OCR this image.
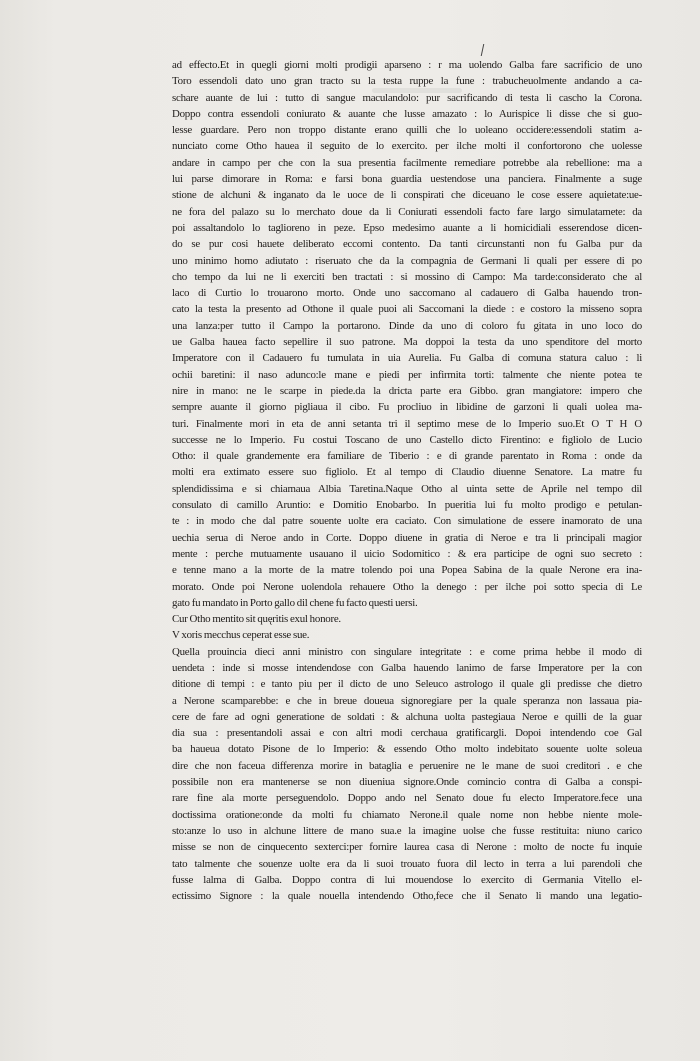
ad effecto.Et in quegli giorni molti prodigii aparseno : r ma uolendo Galba fare sacrificio de uno
Toro essendoli dato uno gran tracto su la testa ruppe la fune : trabucheuolmente andando a ca-
schare auante de lui : tutto di sangue maculandolo: pur sacrificando di testa li cascho la Corona.
Doppo contra essendoli coniurato & auante che lusse amazato : lo Aurispice li disse che si guo-
lesse guardare. Pero non troppo distante erano quilli che lo uoleano occidere:essendoli statim a-
nunciato come Otho hauea il seguito de lo exercito. per ilche molti il confortorono che uolesse
andare in campo per che con la sua presentia facilmente remediare potrebbe ala rebellione: ma a
lui parse dimorare in Roma: e farsi bona guardia uestendose una panciera. Finalmente a suge
stione de alchuni & inganato da le uoce de li conspirati che diceuano le cose essere aquietate:ue-
ne fora del palazo su lo merchato doue da li Coniurati essendoli facto fare largo simulatamete: da
poi assaltandolo lo taglioreno in peze. Epso medesimo auante a li homicidiali esserendose dicen-
do se pur cosi hauete deliberato eccomi contento. Da tanti circunstanti non fu Galba pur da
uno minimo homo adiutato : riseruato che da la compagnia de Germani li quali per essere di po
cho tempo da lui ne li exerciti ben tractati : si mossino di Campo: Ma tarde:considerato che al
laco di Curtio lo trouarono morto. Onde uno saccomano al cadauero di Galba hauendo tron-
cato la testa la presento ad Othone il quale puoi ali Saccomani la diede : e costoro la misseno sopra
una lanza:per tutto il Campo la portarono. Dinde da uno di coloro fu gitata in uno loco do
ue Galba hauea facto sepellire il suo patrone. Ma doppoi la testa da uno spenditore del morto
Imperatore con il Cadauero fu tumulata in uia Aurelia. Fu Galba di comuna statura caluo : li
ochii baretini: il naso adunco:le mane e piedi per infirmita torti: talmente che niente potea te
nire in mano: ne le scarpe in piede.da la dricta parte era Gibbo. gran mangiatore: impero che
sempre auante il giorno pigliaua il cibo. Fu procliuo in libidine de garzoni li quali uolea ma-
turi. Finalmente mori in eta de anni setanta tri il septimo mese de lo Imperio suo.Et O T H O
successe ne lo Imperio. Fu costui Toscano de uno Castello dicto Firentino: e figliolo de Lucio
Otho: il quale grandemente era familiare de Tiberio : e di grande parentato in Roma : onde da
molti era extimato essere suo figliolo. Et al tempo di Claudio diuenne Senatore. La matre fu
splendidissima e si chiamaua Albia Taretina.Naque Otho al uinta sette de Aprile nel tempo dil
consulato di camillo Aruntio: e Domitio Enobarbo. In pueritia lui fu molto prodigo e petulan-
te : in modo che dal patre souente uolte era caciato. Con simulatione de essere inamorato de una
uechia serua di Neroe ando in Corte. Doppo diuene in gratia di Neroe e tra li principali magior
mente : perche mutuamente usauano il uicio Sodomitico : & era participe de ogni suo secreto :
e tenne mano a la morte de la matre tolendo poi una Popea Sabina de la quale Nerone era ina-
morato. Onde poi Nerone uolendola rehauere Otho la denego : per ilche poi sotto specia di Le
gato fu mandato in Porto gallo dil chene fu facto questi uersi.
Cur Otho mentito sit quęritis exul honore.
V xoris mecchus ceperat esse sue.
Quella prouincia dieci anni ministro con singulare integritate : e come prima hebbe il modo di
uendeta : inde si mosse intendendose con Galba hauendo lanimo de farse Imperatore per la con
ditione di tempi : e tanto piu per il dicto de uno Seleuco astrologo il quale gli predisse che dietro
a Nerone scamparebbe: e che in breue doueua signoregiare per la quale speranza non lassaua pia-
cere de fare ad ogni generatione de soldati : & alchuna uolta pastegiaua Neroe e quilli de la guar
dia sua : presentandoli assai e con altri modi cerchaua gratificargli. Dopoi intendendo coe Gal
ba haueua dotato Pisone de lo Imperio: & essendo Otho molto indebitato souente uolte soleua
dire che non faceua differenza morire in bataglia e peruenire ne le mane de suoi creditori . e che
possibile non era mantenerse se non diueniua signore.Onde comincio contra di Galba a conspi-
rare fine ala morte perseguendolo. Doppo ando nel Senato doue fu electo Imperatore.fece una
doctissima oratione:onde da molti fu chiamato Nerone.il quale nome non hebbe niente mole-
sto:anze lo uso in alchune littere de mano sua.e la imagine uolse che fusse restituita: niuno carico
misse se non de cinquecento sexterci:per fornire laurea casa di Nerone : molto de nocte fu inquie
tato talmente che souenze uolte era da li suoi trouato fuora dil lecto in terra a lui parendoli che
fusse lalma di Galba. Doppo contra di lui mouendose lo exercito di Germania Vitello el-
ectissimo Signore : la quale nouella intendendo Otho,fece che il Senato li mando una legatio-
